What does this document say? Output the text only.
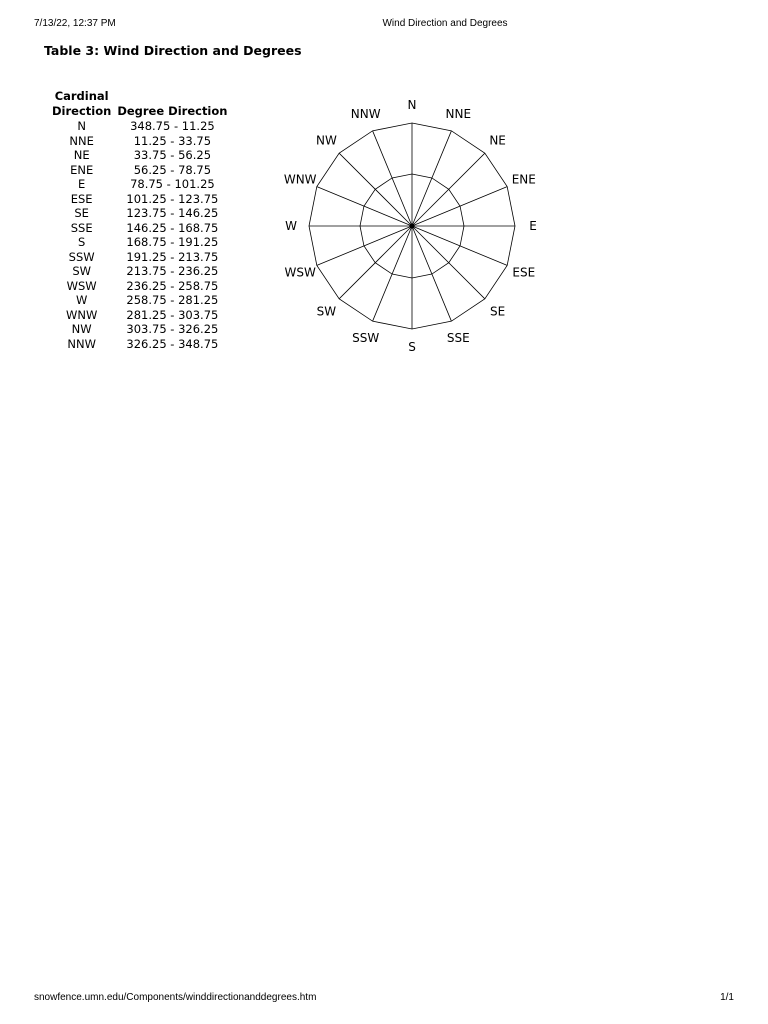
7/13/22, 12:37 PM	Wind Direction and Degrees
Table 3: Wind Direction and Degrees
Cardinal
Direction	Degree Direction
N	348.75 - 11.25
NNE	11.25 - 33.75
NE	33.75 - 56.25
ENE	56.25 - 78.75
E	78.75 - 101.25
ESE	101.25 - 123.75
SE	123.75 - 146.25
SSE	146.25 - 168.75
S	168.75 - 191.25
SSW	191.25 - 213.75
SW	213.75 - 236.25
WSW	236.25 - 258.75
W	258.75 - 281.25
WNW	281.25 - 303.75
NW	303.75 - 326.25
NNW	326.25 - 348.75
N
NNE
NE
ENE
E
ESE
SE
SSE
S
SSW
SW
WSW
W
WNW
NW
NNW
snowfence.umn.edu/Components/winddirectionanddegrees.htm	1/1
